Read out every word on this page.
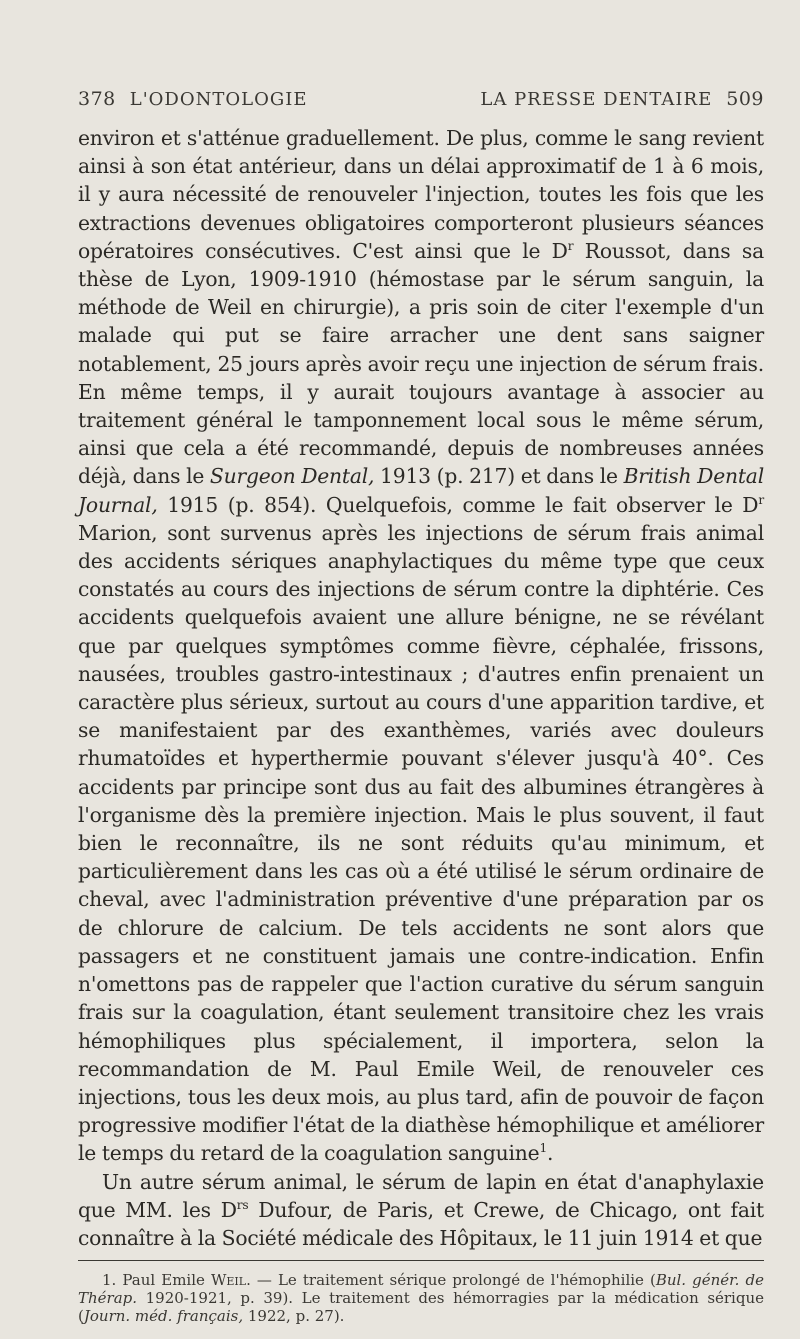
378 L'ODONTOLOGIE	LA PRESSE DENTAIRE 509

environ et s'atténue graduellement. De plus, comme le sang revient ainsi à son état antérieur, dans un délai approximatif de 1 à 6 mois, il y aura nécessité de renouveler l'injection, toutes les fois que les extractions devenues obligatoires comporteront plusieurs séances opératoires consécutives. C'est ainsi que le $D^r$ Roussot, dans sa thèse de Lyon, 1909-1910 (hémostase par le sérum sanguin, la méthode de Weil en chirurgie), a pris soin de citer l'exemple d'un malade qui put se faire arracher une dent sans saigner notablement, 25 jours après avoir reçu une injection de sérum frais. En même temps, il y aurait toujours avantage à associer au traitement général le tamponnement local sous le même sérum, ainsi que cela a été recommandé, depuis de nombreuses années déjà, dans le Surgeon Dental, 1913 (p. 217) et dans le British Dental Journal, 1915 (p. 854). Quelquefois, comme le fait observer le $D^r$ Marion, sont survenus après les injections de sérum frais animal des accidents sériques anaphylactiques du même type que ceux constatés au cours des injections de sérum contre la diphtérie. Ces accidents quelquefois avaient une allure bénigne, ne se révélant que par quelques symptômes comme fièvre, céphalée, frissons, nausées, troubles gastro-intestinaux ; d'autres enfin prenaient un caractère plus sérieux, surtout au cours d'une apparition tardive, et se manifestaient par des exanthèmes, variés avec douleurs rhumatoïdes et hyperthermie pouvant s'élever jusqu'à 40°. Ces accidents par principe sont dus au fait des albumines étrangères à l'organisme dès la première injection. Mais le plus souvent, il faut bien le reconnaître, ils ne sont réduits qu'au minimum, et particulièrement dans les cas où a été utilisé le sérum ordinaire de cheval, avec l'administration préventive d'une préparation par os de chlorure de calcium. De tels accidents ne sont alors que passagers et ne constituent jamais une contre-indication. Enfin n'omettons pas de rappeler que l'action curative du sérum sanguin frais sur la coagulation, étant seulement transitoire chez les vrais hémophiliques plus spécialement, il importera, selon la recommandation de M. Paul Emile Weil, de renouveler ces injections, tous les deux mois, au plus tard, afin de pouvoir de façon progressive modifier l'état de la diathèse hémophilique et améliorer le temps du retard de la coagulation sanguine$^1$.

Un autre sérum animal, le sérum de lapin en état d'anaphylaxie que MM. les $D^{rs}$ Dufour, de Paris, et Crewe, de Chicago, ont fait connaître à la Société médicale des Hôpitaux, le 11 juin 1914 et que

1. Paul Emile Weil. — Le traitement sérique prolongé de l'hémophilie (Bul. génér. de Thérap. 1920-1921, p. 39). Le traitement des hémorragies par la médication sérique (Journ. méd. français, 1922, p. 27).
